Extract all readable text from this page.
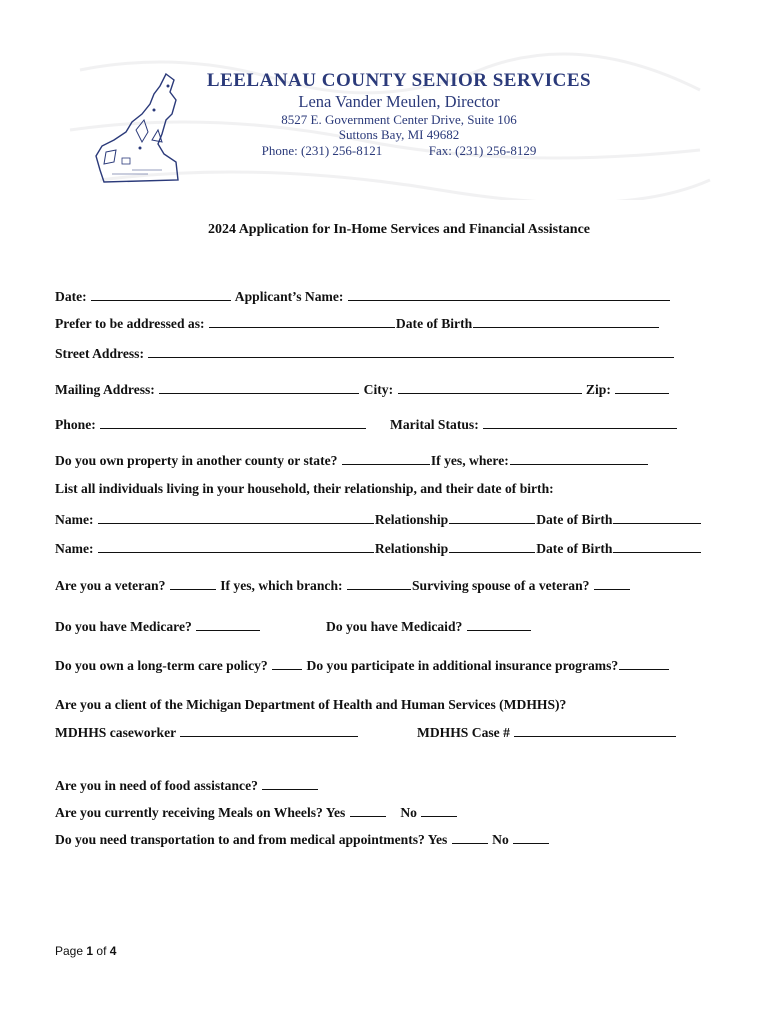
LEELANAU COUNTY SENIOR SERVICES
Lena Vander Meulen, Director
8527 E. Government Center Drive, Suite 106
Suttons Bay, MI 49682
Phone: (231) 256-8121	Fax: (231) 256-8129
2024 Application for In-Home Services and Financial Assistance
Date:	Applicant’s Name:
Prefer to be addressed as:	Date of Birth
Street Address:
Mailing Address:	City:	Zip:
Phone:	Marital Status:
Do you own property in another county or state?	If yes, where:
List all individuals living in your household, their relationship, and their date of birth:
Name:	Relationship	Date of Birth
Name:	Relationship	Date of Birth
Are you a veteran?	If yes, which branch:	Surviving spouse of a veteran?
Do you have Medicare?	Do you have Medicaid?
Do you own a long-term care policy?	Do you participate in additional insurance programs?
Are you a client of the Michigan Department of Health and Human Services (MDHHS)?
MDHHS caseworker	MDHHS Case #
Are you in need of food assistance?
Are you currently receiving Meals on Wheels? Yes	No
Do you need transportation to and from medical appointments? Yes	No
Page 1 of 4
